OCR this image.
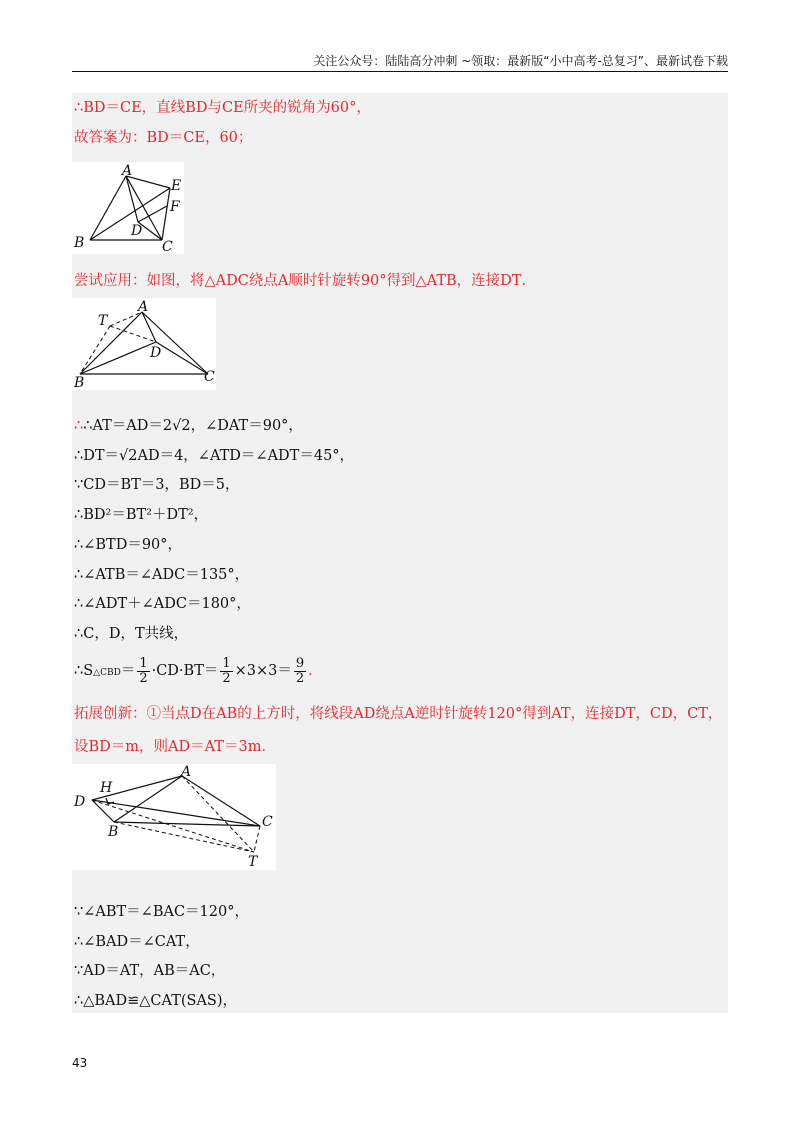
关注公众号：陆陆高分冲刺 ~领取：最新版“小中高考-总复习”、最新试卷下载
∴BD＝CE，直线BD与CE所夹的锐角为60°，
故答案为：BD＝CE，60；
A
E
F
D
B	C
尝试应用：如图，将△ADC绕点A顺时针旋转90°得到△ATB，连接DT．
A
T
D
B	C
∴∴AT＝AD＝2√2，∠DAT＝90°，
∴DT＝√2AD＝4，∠ATD＝∠ADT＝45°，
∵CD＝BT＝3，BD＝5，
∴BD²＝BT²＋DT²，
∴∠BTD＝90°，
∴∠ATB＝∠ADC＝135°，
∴∠ADT＋∠ADC＝180°，
∴C，D，T共线，
∴S△CBD＝ $\frac{1}{2} \cdot CD\cdot BT= \frac{1}{2} \times 3\times 3= \frac{9}{2}$ ．
拓展创新：①当点D在AB的上方时，将线段AD绕点A逆时针旋转120°得到AT，连接DT，CD，CT，
设BD＝m，则AD＝AT＝3m．
A
H
D
B
C
T
∵∠ABT＝∠BAC＝120°，
∴∠BAD＝∠CAT，
∵AD＝AT，AB＝AC，
∴△BAD≌△CAT(SAS)，
43
